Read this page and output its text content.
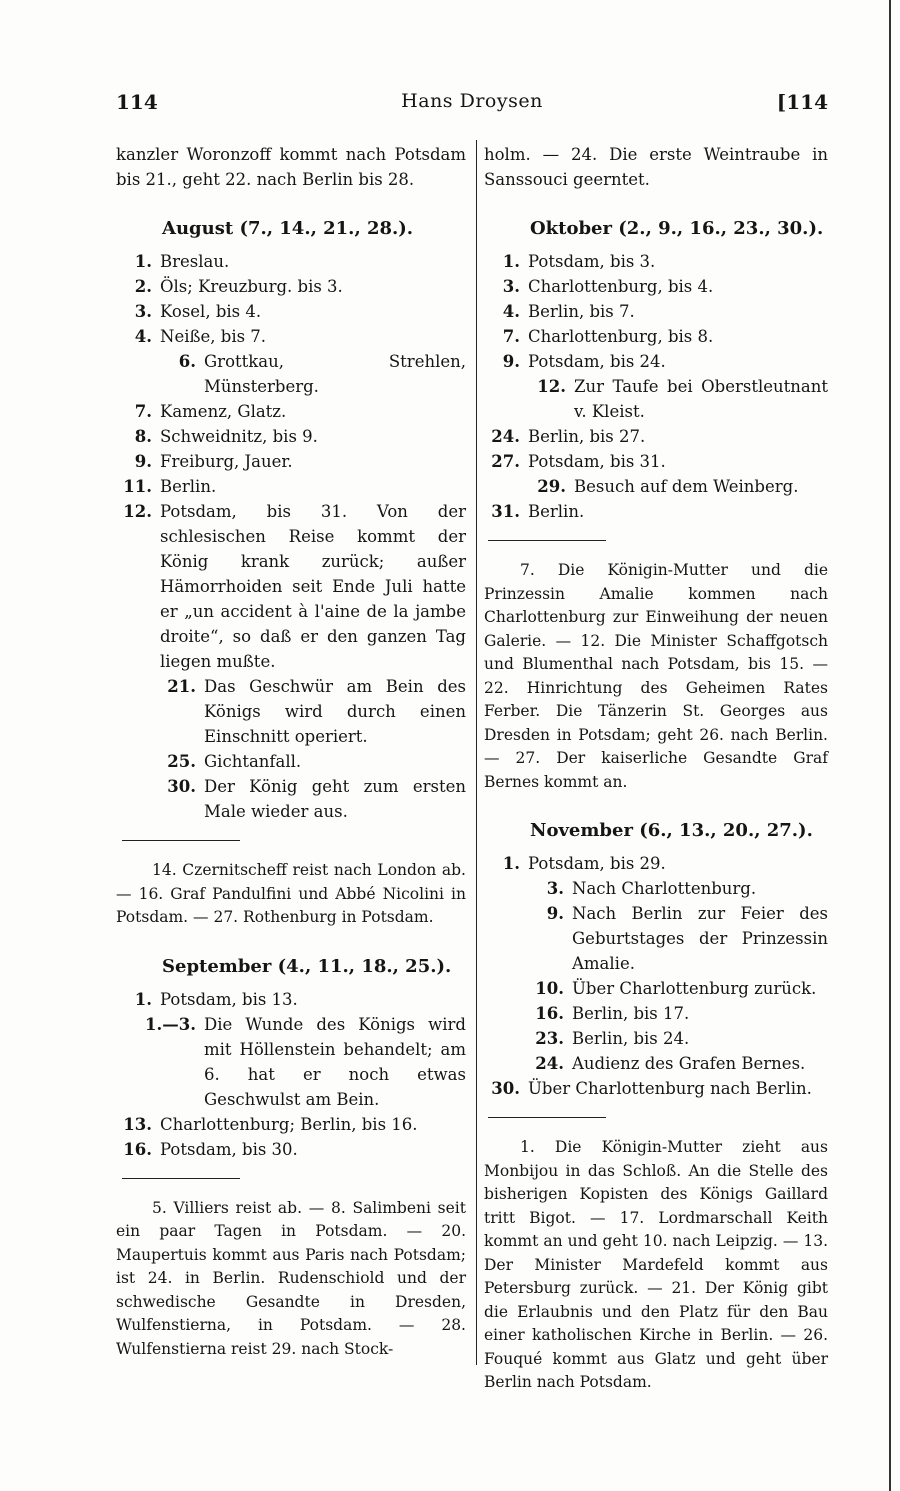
114	Hans Droysen	[114
kanzler Woronzoff kommt nach Potsdam bis 21., geht 22. nach Berlin bis 28.
August (7., 14., 21., 28.).
1. Breslau.
2. Öls; Kreuzburg. bis 3.
3. Kosel, bis 4.
4. Neiße, bis 7.
6. Grottkau, Strehlen, Münsterberg.
7. Kamenz, Glatz.
8. Schweidnitz, bis 9.
9. Freiburg, Jauer.
11. Berlin.
12. Potsdam, bis 31. Von der schlesischen Reise kommt der König krank zurück; außer Hämorrhoiden seit Ende Juli hatte er „un accident à l'aine de la jambe droite“, so daß er den ganzen Tag liegen mußte.
21. Das Geschwür am Bein des Königs wird durch einen Einschnitt operiert.
25. Gichtanfall.
30. Der König geht zum ersten Male wieder aus.
14. Czernitscheff reist nach London ab. — 16. Graf Pandulfini und Abbé Nicolini in Potsdam. — 27. Rothenburg in Potsdam.
September (4., 11., 18., 25.).
1. Potsdam, bis 13.
1.—3. Die Wunde des Königs wird mit Höllenstein behandelt; am 6. hat er noch etwas Geschwulst am Bein.
13. Charlottenburg; Berlin, bis 16.
16. Potsdam, bis 30.
5. Villiers reist ab. — 8. Salimbeni seit ein paar Tagen in Potsdam. — 20. Maupertuis kommt aus Paris nach Potsdam; ist 24. in Berlin. Rudenschiold und der schwedische Gesandte in Dresden, Wulfenstierna, in Potsdam. — 28. Wulfenstierna reist 29. nach Stock-
holm. — 24. Die erste Weintraube in Sanssouci geerntet.
Oktober (2., 9., 16., 23., 30.).
1. Potsdam, bis 3.
3. Charlottenburg, bis 4.
4. Berlin, bis 7.
7. Charlottenburg, bis 8.
9. Potsdam, bis 24.
12. Zur Taufe bei Oberstleutnant v. Kleist.
24. Berlin, bis 27.
27. Potsdam, bis 31.
29. Besuch auf dem Weinberg.
31. Berlin.
7. Die Königin-Mutter und die Prinzessin Amalie kommen nach Charlottenburg zur Einweihung der neuen Galerie. — 12. Die Minister Schaffgotsch und Blumenthal nach Potsdam, bis 15. — 22. Hinrichtung des Geheimen Rates Ferber. Die Tänzerin St. Georges aus Dresden in Potsdam; geht 26. nach Berlin. — 27. Der kaiserliche Gesandte Graf Bernes kommt an.
November (6., 13., 20., 27.).
1. Potsdam, bis 29.
3. Nach Charlottenburg.
9. Nach Berlin zur Feier des Geburtstages der Prinzessin Amalie.
10. Über Charlottenburg zurück.
16. Berlin, bis 17.
23. Berlin, bis 24.
24. Audienz des Grafen Bernes.
30. Über Charlottenburg nach Berlin.
1. Die Königin-Mutter zieht aus Monbijou in das Schloß. An die Stelle des bisherigen Kopisten des Königs Gaillard tritt Bigot. — 17. Lordmarschall Keith kommt an und geht 10. nach Leipzig. — 13. Der Minister Mardefeld kommt aus Petersburg zurück. — 21. Der König gibt die Erlaubnis und den Platz für den Bau einer katholischen Kirche in Berlin. — 26. Fouqué kommt aus Glatz und geht über Berlin nach Potsdam.
